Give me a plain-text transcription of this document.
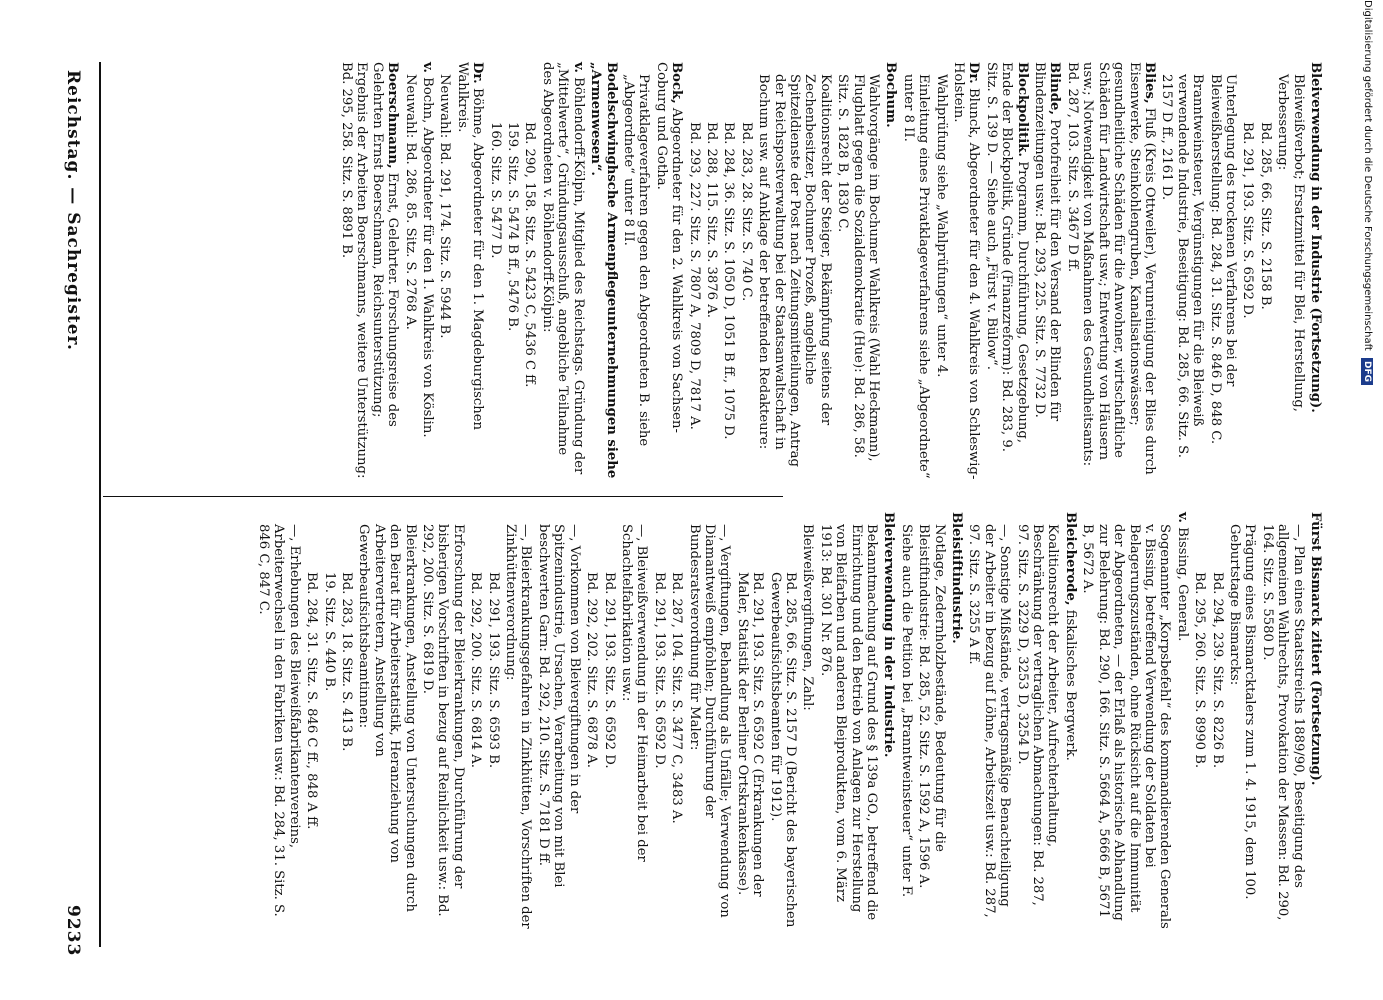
Reichstag. — Sachregister.
9233

Bleiverwendung in der Industrie (Fortsetzung).

Bleiweißverbot; Ersatzmittel für Blei, Herstellung, Verbesserung:

Bd. 285, 66. Sitz. S. 2158 B.

Bd. 291, 193. Sitz. S. 6592 D.

Unterlegung des trockenen Verfahrens bei der Bleiweißherstellung: Bd. 284, 31. Sitz. S. 846 D, 848 C.

Branntweinsteuer, Vergünstigungen für die Bleiweiß verwendende Industrie, Beseitigung: Bd. 285, 66. Sitz. S. 2157 D ff., 2161 D.

Blies, Fluß (Kreis Ottweiler), Verunreinigung der Blies durch Eisenwerke, Steinkohlengruben, Kanalisationswässer; gesundheitliche Schäden für die Anwohner, wirtschaftliche Schäden für Landwirtschaft usw.; Entwertung von Häusern usw.; Notwendigkeit von Maßnahmen des Gesundheitsamts: Bd. 287, 103. Sitz. S. 3467 D ff.

Blinde, Portofreiheit für den Versand der Blinden für Blindenzeitungen usw.: Bd. 293, 225. Sitz. S. 7732 D.

Blockpolitik. Programm, Durchführung, Gesetzgebung, Ende der Blockpolitik, Gründe (Finanzreform): Bd. 283, 9. Sitz. S. 139 D. — Siehe auch „Fürst v. Bülow“.

Dr. Blunck, Abgeordneter für den 4. Wahlkreis von Schleswig-Holstein.

Wahlprüfung siehe „Wahlprüfungen“ unter 4.

Einleitung eines Privatklageverfahrens siehe „Abgeordnete“ unter 8 II.

Bochum.

Wahlvorgänge im Bochumer Wahlkreis (Wahl Heckmann), Flugblatt gegen die Sozialdemokratie (Hue): Bd. 286, 58. Sitz. S. 1828 B, 1830 C.

Koalitionsrecht der Steiger, Bekämpfung seitens der Zechenbesitzer, Bochumer Prozeß, angebliche Spitzeldienste der Post nach Zeitungsmitteilungen, Antrag der Reichspostverwaltung bei der Staatsanwaltschaft in Bochum usw. auf Anklage der betreffenden Redakteure:

Bd. 283, 28. Sitz. S. 740 C.

Bd. 284, 36. Sitz. S. 1050 D, 1051 B ff., 1075 D.

Bd. 288, 115. Sitz. S. 3876 A.

Bd. 293, 227. Sitz. S. 7807 A, 7809 D, 7817 A.

Bock, Abgeordneter für den 2. Wahlkreis von Sachsen-Coburg und Gotha.

Privatklageverfahren gegen den Abgeordneten B. siehe „Abgeordnete“ unter 8 II.

Bodelschwinghsche Armenpflegeunternehmungen siehe „Armenwesen“.

v. Böhlendorff-Kölpin, Mitglied des Reichstags. Gründung der „Mittelwerte“, Gründungsausschuß, angebliche Teilnahme des Abgeordneten v. Böhlendorff-Kölpin:

Bd. 290, 158. Sitz. S. 5423 C, 5436 C ff.

159. Sitz. S. 5474 B ff., 5476 B.

160. Sitz. S. 5477 D.

Dr. Böhme, Abgeordneter für den 1. Magdeburgischen Wahlkreis.

Neuwahl: Bd. 291, 174. Sitz. S. 5944 B.

v. Bochn, Abgeordneter für den 1. Wahlkreis von Köslin.

Neuwahl: Bd. 286, 85. Sitz. S. 2768 A.

Boerschmann, Ernst, Gelehrter. Forschungsreise des Gelehrten Ernst Boerschmann, Reichsunterstützung; Ergebnis der Arbeiten Boerschmanns, weitere Unterstützung: Bd. 295, 258. Sitz. S. 8891 B.

Fürst Bismarck zitiert (Fortsetzung).

—, Plan eines Staatsstreichs 1889/90, Beseitigung des allgemeinen Wahlrechts, Provokation der Massen: Bd. 290, 164. Sitz. S. 5580 D.

Prägung eines Bismarcktalers zum 1. 4. 1915, dem 100. Geburtstage Bismarcks:

Bd. 294, 239. Sitz. S. 8226 B.

Bd. 295, 260. Sitz. S. 8990 B.

v. Bissing, General.

Sogenannter „Korpsbefehl“ des kommandierenden Generals v. Bissing, betreffend Verwendung der Soldaten bei Belagerungszuständen, ohne Rücksicht auf die Immunität der Abgeordneten, — der Erlaß als historische Abhandlung zur Belehrung: Bd. 290, 166. Sitz. S. 5664 A, 5666 B, 5671 B, 5672 A.

Bleicherode, fiskalisches Bergwerk.

Koalitionsrecht der Arbeiter, Aufrechterhaltung, Beschränkung der vertraglichen Abmachungen: Bd. 287, 97. Sitz. S. 3229 D, 3253 D, 3254 D.

—, Sonstige Mißstände, vertragsmäßige Benachteiligung der Arbeiter in bezug auf Löhne, Arbeitszeit usw.: Bd. 287, 97. Sitz. S. 3255 A ff.

Bleistiftindustrie.

Notlage, Zedernholzbestände, Bedeutung für die Bleistiftindustrie: Bd. 285, 52. Sitz. S. 1592 A, 1596 A.

Siehe auch die Petition bei „Branntweinsteuer“ unter F.

Bleiverwendung in der Industrie.

Bekanntmachung auf Grund des § 139a GO., betreffend die Einrichtung und den Betrieb von Anlagen zur Herstellung von Bleifarben und anderen Bleiprodukten, vom 6. März 1913: Bd. 301 Nr. 876.

Bleiweißvergiftungen, Zahl:

Bd. 285, 66. Sitz. S. 2157 D (Bericht des bayerischen Gewerbeaufsichtsbeamten für 1912).

Bd. 291, 193. Sitz. S. 6592 C (Erkrankungen der Maler, Statistik der Berliner Ortskrankenkasse).

—, Vergiftungen, Behandlung als Unfälle; Verwendung von Diamantweiß empfohlen; Durchführung der Bundesratsverordnung für Maler:

Bd. 287, 104. Sitz. S. 3477 C, 3483 A.

Bd. 291, 193. Sitz. S. 6592 D.

—, Bleiweißverwendung in der Heimarbeit bei der Schachtelfabrikation usw.:

Bd. 291, 193. Sitz. S. 6592 D.

Bd. 292, 202. Sitz. S. 6878 A.

—, Vorkommen von Bleivergiftungen in der Spitzenindustrie, Ursachen, Verarbeitung von mit Blei beschwerten Garn: Bd. 292, 210. Sitz. S. 7181 D ff.

—, Bleierkrankungsgefahren in Zinkhütten, Vorschriften der Zinkhüttenverordnung:

Bd. 291, 193. Sitz. S. 6593 B.

Bd. 292, 200. Sitz. S. 6814 A.

Erforschung der Bleierkrankungen, Durchführung der bisherigen Vorschriften in bezug auf Reinlichkeit usw.: Bd. 292, 200. Sitz. S. 6819 D.

Bleierkrankungen, Anstellung von Untersuchungen durch den Beirat für Arbeiterstatistik, Heranziehung von Arbeitervertretern, Anstellung von Gewerbeaufsichtsbeamtinnen:

Bd. 283, 18. Sitz. S. 413 B.

19. Sitz. S. 440 B.

Bd. 284, 31. Sitz. S. 846 C ff., 848 A ff.

—, Erhebungen des Bleiweißfabrikantenvereins, Arbeiterwechsel in den Fabriken usw.: Bd. 284, 31. Sitz. S. 846 C, 847 C.

Digitalisierung gefördert durch die Deutsche Forschungsgemeinschaft DFG
